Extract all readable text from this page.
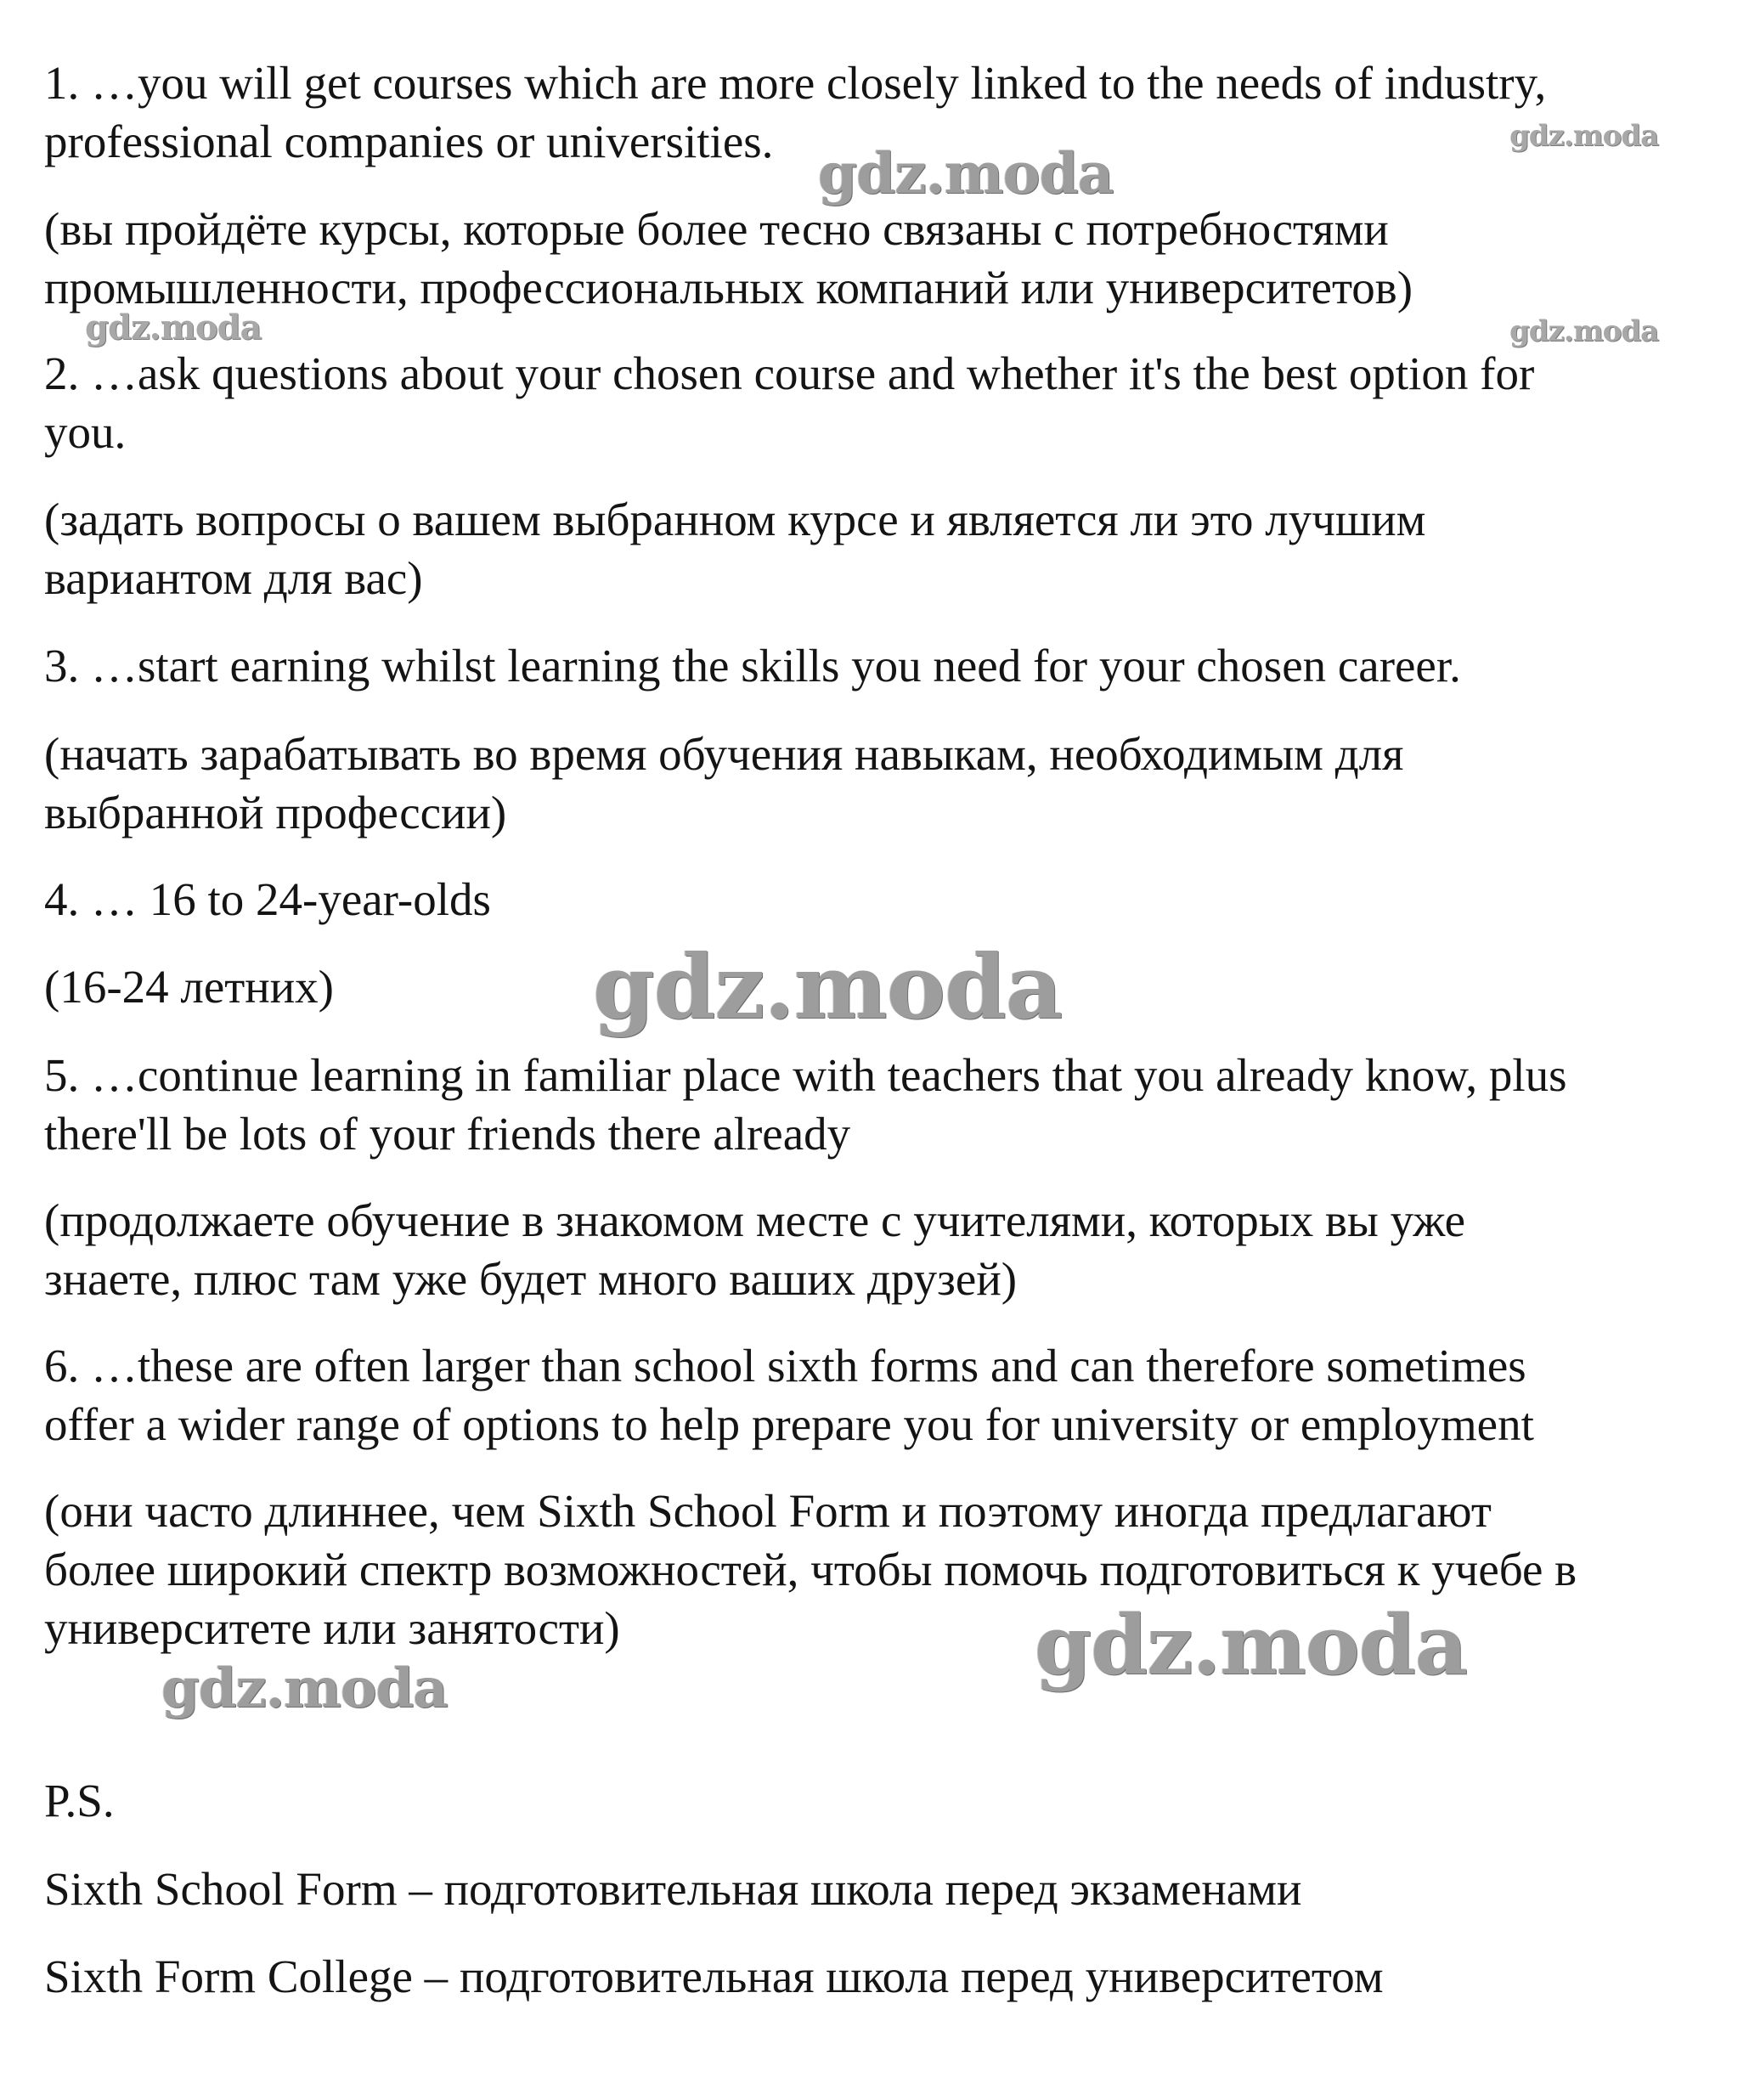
1. …you will get courses which are more closely linked to the needs of industry,
professional companies or universities.

(вы пройдёте курсы, которые более тесно связаны с потребностями
промышленности, профессиональных компаний или университетов)

2. …ask questions about your chosen course and whether it's the best option for
you.

(задать вопросы о вашем выбранном курсе и является ли это лучшим
вариантом для вас)

3. …start earning whilst learning the skills you need for your chosen career.

(начать зарабатывать во время обучения навыкам, необходимым для
выбранной профессии)

4. … 16 to 24-year-olds

(16-24 летних)

5. …continue learning in familiar place with teachers that you already know, plus
there'll be lots of your friends there already

(продолжаете обучение в знакомом месте с учителями, которых вы уже
знаете, плюс там уже будет много ваших друзей)

6. …these are often larger than school sixth forms and can therefore sometimes
offer a wider range of options to help prepare you for university or employment

(они часто длиннее, чем Sixth School Form и поэтому иногда предлагают
более широкий спектр возможностей, чтобы помочь подготовиться к учебе в
университете или занятости)

P.S.

Sixth School Form – подготовительная школа перед экзаменами

Sixth Form College – подготовительная школа перед университетом

gdz.moda
gdz.moda
gdz.moda	gdz.moda
gdz.moda
gdz.moda
gdz.moda
